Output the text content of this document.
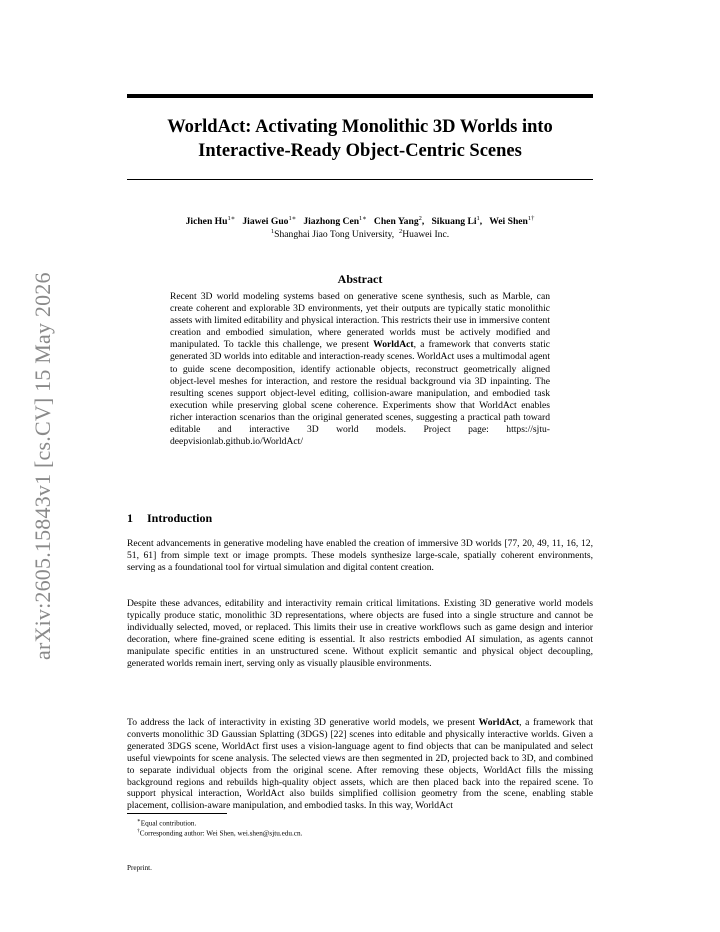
WorldAct: Activating Monolithic 3D Worlds into
Interactive-Ready Object-Centric Scenes
Jichen $Hu^{1∗}$ Jiawei Guo$^{1∗}$ Jiazhong Cen$^{1∗}$ Chen Yang$^2$,   Sikuang Li$^1$,   Wei Shen$^{1\dagger}$
$^1$Shanghai Jiao Tong University, $^2$Huawei Inc.
arXiv:2605.15843v1 [cs.CV] 15 May 2026	Abstract
Recent 3D world modeling systems based on generative scene synthesis, such as Marble, can create coherent and explorable 3D environments, yet their outputs are typically static monolithic assets with limited editability and physical interaction. This restricts their use in immersive content creation and embodied simulation, where generated worlds must be actively modified and manipulated. To tackle this challenge, we present WorldAct, a framework that converts static generated 3D worlds into editable and interaction-ready scenes. WorldAct uses a multimodal agent to guide scene decomposition, identify actionable objects, reconstruct geometrically aligned object-level meshes for interaction, and restore the residual background via 3D inpainting. The resulting scenes support object-level editing, collision-aware manipulation, and embodied task execution while preserving global scene coherence. Experiments show that WorldAct enables richer interaction scenarios than the original generated scenes, suggesting a practical path toward editable and interactive 3D world models. Project page: https://sjtu-deepvisionlab.github.io/WorldAct/
1 Introduction
Recent advancements in generative modeling have enabled the creation of immersive 3D worlds [77, 20, 49, 11, 16, 12, 51, 61] from simple text or image prompts. These models synthesize large-scale, spatially coherent environments, serving as a foundational tool for virtual simulation and digital content creation.
Despite these advances, editability and interactivity remain critical limitations. Existing 3D generative world models typically produce static, monolithic 3D representations, where objects are fused into a single structure and cannot be individually selected, moved, or replaced. This limits their use in creative workflows such as game design and interior decoration, where fine-grained scene editing is essential. It also restricts embodied AI simulation, as agents cannot manipulate specific entities in an unstructured scene. Without explicit semantic and physical object decoupling, generated worlds remain inert, serving only as visually plausible environments.
To address the lack of interactivity in existing 3D generative world models, we present WorldAct, a framework that converts monolithic 3D Gaussian Splatting (3DGS) [22] scenes into editable and physically interactive worlds. Given a generated 3DGS scene, WorldAct first uses a vision-language agent to find objects that can be manipulated and select useful viewpoints for scene analysis. The selected views are then segmented in 2D, projected back to 3D, and combined to separate individual objects from the original scene. After removing these objects, WorldAct fills the missing background regions and rebuilds high-quality object assets, which are then placed back into the repaired scene. To support physical interaction, WorldAct also builds simplified collision geometry from the scene, enabling stable placement, collision-aware manipulation, and embodied tasks. In this way, WorldAct
∗Equal contribution.
†Corresponding author: Wei Shen, wei.shen@sjtu.edu.cn.
Preprint.
